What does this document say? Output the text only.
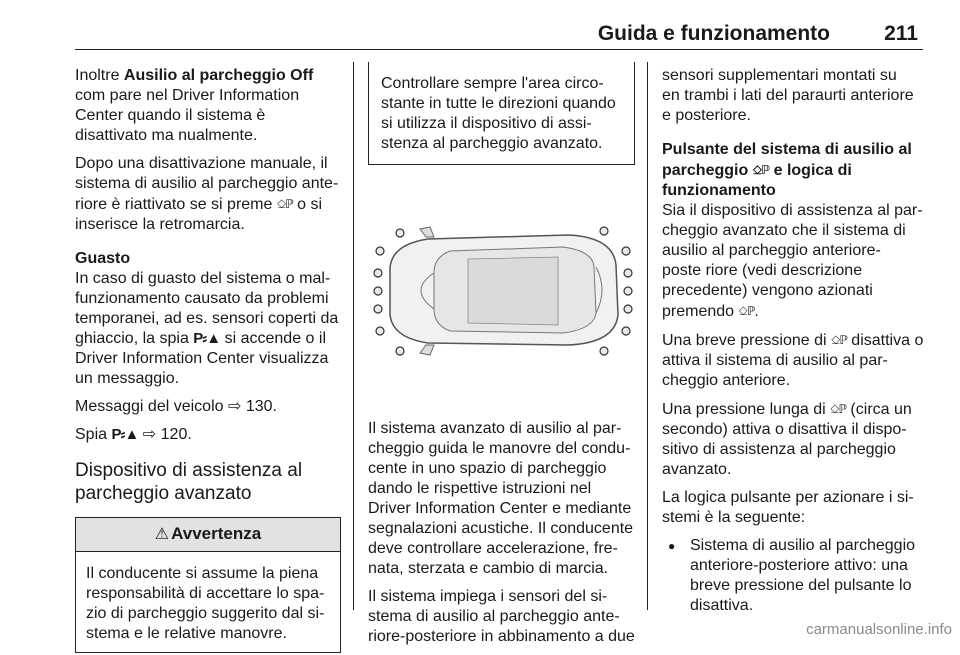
Guida e funzionamento	211

Inoltre Ausilio al parcheggio Off com pare nel Driver Information Center quando il sistema è disattivato ma nualmente.

Dopo una disattivazione manuale, il sistema di ausilio al parcheggio ante riore è riattivato se si preme ⎐ℙ o si inserisce la retromarcia.

Guasto

In caso di guasto del sistema o mal funzionamento causato da problemi temporanei, ad es. sensori coperti da ghiaccio, la spia P⸗▲ si accende o il Driver Information Center visualizza un messaggio.

Messaggi del veicolo ⇨ 130.

Spia P⸗▲ ⇨ 120.

Dispositivo di assistenza al parcheggio avanzato
⚠ Avvertenza
Il conducente si assume la piena responsabilità di accettare lo spa zio di parcheggio suggerito dal si stema e le relative manovre.
Controllare sempre l'area circo stante in tutte le direzioni quando si utilizza il dispositivo di assi stenza al parcheggio avanzato.

Il sistema avanzato di ausilio al par cheggio guida le manovre del condu cente in uno spazio di parcheggio dando le rispettive istruzioni nel Driver Information Center e mediante segnalazioni acustiche. Il conducente deve controllare accelerazione, fre nata, sterzata e cambio di marcia.

Il sistema impiega i sensori del si stema di ausilio al parcheggio ante riore-posteriore in abbinamento a due

sensori supplementari montati su en trambi i lati del paraurti anteriore e posteriore.

Pulsante del sistema di ausilio al parcheggio ⎐ℙ e logica di funzionamento

Sia il dispositivo di assistenza al par cheggio avanzato che il sistema di ausilio al parcheggio anteriore-poste riore (vedi descrizione precedente) vengono azionati premendo ⎐ℙ.

Una breve pressione di ⎐ℙ disattiva o attiva il sistema di ausilio al par cheggio anteriore.

Una pressione lunga di ⎐ℙ (circa un secondo) attiva o disattiva il dispo sitivo di assistenza al parcheggio avanzato.

La logica pulsante per azionare i si stemi è la seguente:

● Sistema di ausilio al parcheggio anteriore-posteriore attivo: una breve pressione del pulsante lo disattiva.
carmanualsonline.info
